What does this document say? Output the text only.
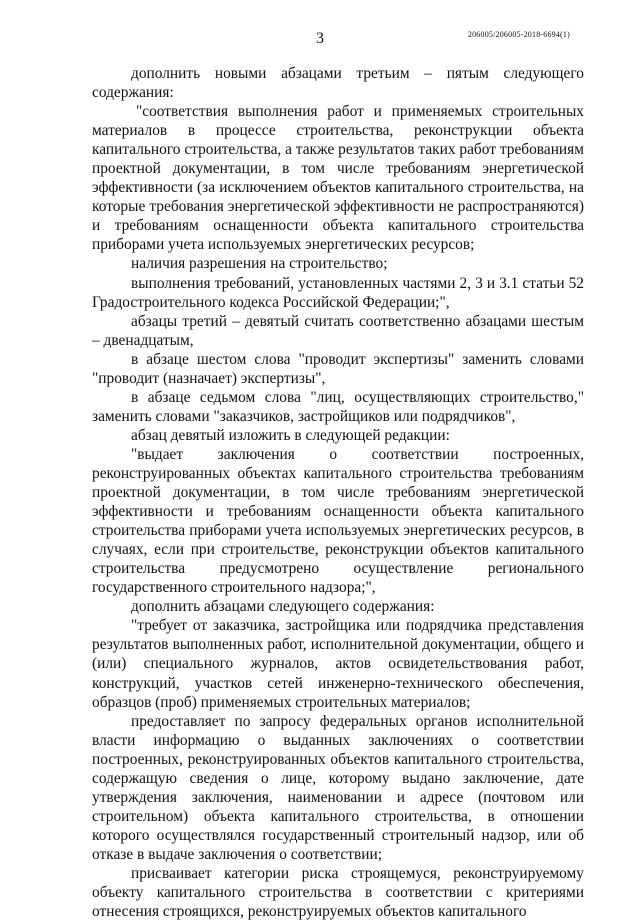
3	206005/206005-2018-6694(1)

дополнить новыми абзацами третьим – пятым следующего содержания:

"соответствия выполнения работ и применяемых строительных материалов в процессе строительства, реконструкции объекта капитального строительства, а также результатов таких работ требованиям проектной документации, в том числе требованиям энергетической эффективности (за исключением объектов капитального строительства, на которые требования энергетической эффективности не распространяются) и требованиям оснащенности объекта капитального строительства приборами учета используемых энергетических ресурсов;

наличия разрешения на строительство;

выполнения требований, установленных частями 2, 3 и 3.1 статьи 52 Градостроительного кодекса Российской Федерации;",

абзацы третий – девятый считать соответственно абзацами шестым – двенадцатым,

в абзаце шестом слова "проводит экспертизы" заменить словами "проводит (назначает) экспертизы",

в абзаце седьмом слова "лиц, осуществляющих строительство," заменить словами "заказчиков, застройщиков или подрядчиков",

абзац девятый изложить в следующей редакции:

"выдает заключения о соответствии построенных, реконструированных объектах капитального строительства требованиям проектной документации, в том числе требованиям энергетической эффективности и требованиям оснащенности объекта капитального строительства приборами учета используемых энергетических ресурсов, в случаях, если при строительстве, реконструкции объектов капитального строительства предусмотрено осуществление регионального государственного строительного надзора;",

дополнить абзацами следующего содержания:

"требует от заказчика, застройщика или подрядчика представления результатов выполненных работ, исполнительной документации, общего и (или) специального журналов, актов освидетельствования работ, конструкций, участков сетей инженерно-технического обеспечения, образцов (проб) применяемых строительных материалов;

предоставляет по запросу федеральных органов исполнительной власти информацию о выданных заключениях о соответствии построенных, реконструированных объектов капитального строительства, содержащую сведения о лице, которому выдано заключение, дате утверждения заключения, наименовании и адресе (почтовом или строительном) объекта капитального строительства, в отношении которого осуществлялся государственный строительный надзор, или об отказе в выдаче заключения о соответствии;

присваивает категории риска строящемуся, реконструируемому объекту капитального строительства в соответствии с критериями отнесения строящихся, реконструируемых объектов капитального
